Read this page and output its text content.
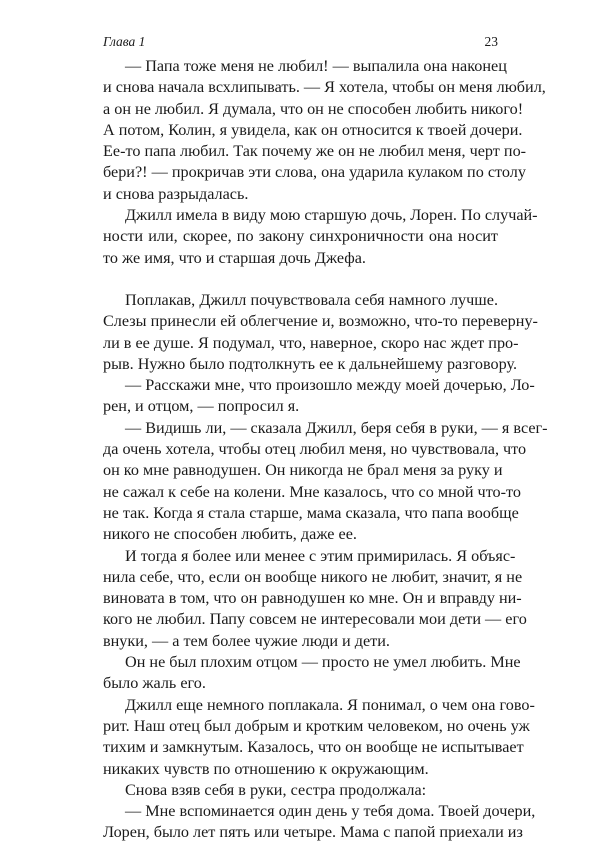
Глава 1	23
— Папа тоже меня не любил! — выпалила она наконец
и снова начала всхлипывать. — Я хотела, чтобы он меня любил,
а он не любил. Я думала, что он не способен любить никого!
А потом, Колин, я увидела, как он относится к твоей дочери.
Ее-то папа любил. Так почему же он не любил меня, черт по-
бери?! — прокричав эти слова, она ударила кулаком по столу
и снова разрыдалась.
Джилл имела в виду мою старшую дочь, Лорен. По случай-
ности или, скорее, по закону синхроничности она носит
то же имя, что и старшая дочь Джефа.
Поплакав, Джилл почувствовала себя намного лучше.
Слезы принесли ей облегчение и, возможно, что-то переверну-
ли в ее душе. Я подумал, что, наверное, скоро нас ждет про-
рыв. Нужно было подтолкнуть ее к дальнейшему разговору.
— Расскажи мне, что произошло между моей дочерью, Ло-
рен, и отцом, — попросил я.
— Видишь ли, — сказала Джилл, беря себя в руки, — я всег-
да очень хотела, чтобы отец любил меня, но чувствовала, что
он ко мне равнодушен. Он никогда не брал меня за руку и
не сажал к себе на колени. Мне казалось, что со мной что-то
не так. Когда я стала старше, мама сказала, что папа вообще
никого не способен любить, даже ее.
И тогда я более или менее с этим примирилась. Я объяс-
нила себе, что, если он вообще никого не любит, значит, я не
виновата в том, что он равнодушен ко мне. Он и вправду ни-
кого не любил. Папу совсем не интересовали мои дети — его
внуки, — а тем более чужие люди и дети.
Он не был плохим отцом — просто не умел любить. Мне
было жаль его.
Джилл еще немного поплакала. Я понимал, о чем она гово-
рит. Наш отец был добрым и кротким человеком, но очень уж
тихим и замкнутым. Казалось, что он вообще не испытывает
никаких чувств по отношению к окружающим.
Снова взяв себя в руки, сестра продолжала:
— Мне вспоминается один день у тебя дома. Твоей дочери,
Лорен, было лет пять или четыре. Мама с папой приехали из
